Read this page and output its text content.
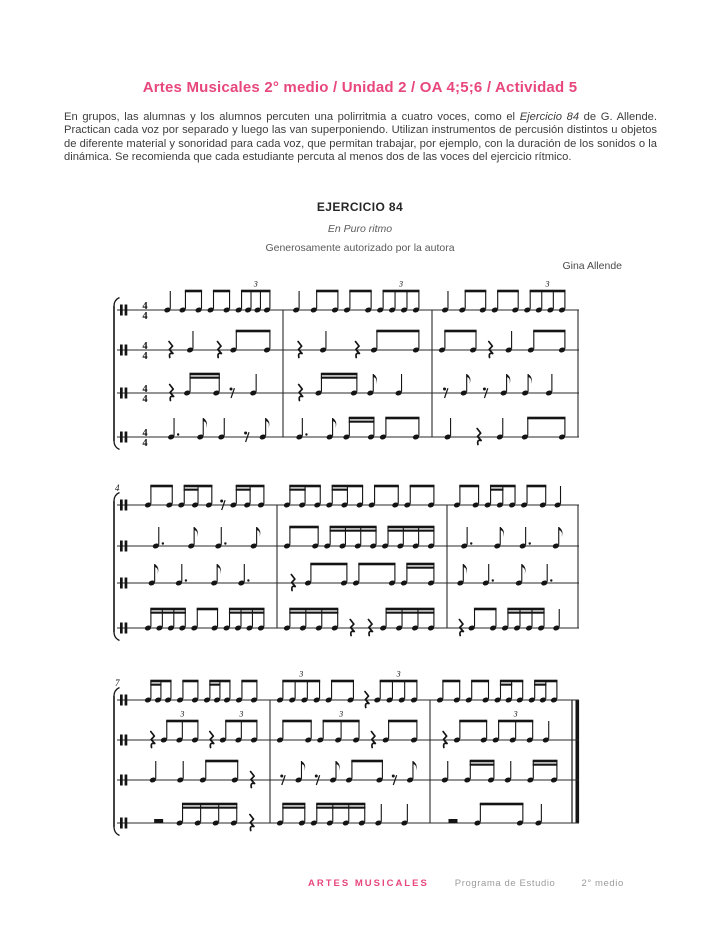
Artes Musicales 2° medio / Unidad 2 / OA 4;5;6 / Actividad 5
En grupos, las alumnas y los alumnos percuten una polirritmia a cuatro voces, como el Ejercicio 84 de G. Allende. Practican cada voz por separado y luego las van superponiendo. Utilizan instrumentos de percusión distintos u objetos de diferente material y sonoridad para cada voz, que permitan trabajar, por ejemplo, con la duración de los sonidos o la dinámica. Se recomienda que cada estudiante percuta al menos dos de las voces del ejercicio rítmico.
EJERCICIO 84
En Puro ritmo
Generosamente autorizado por la autora
Gina Allende
4
4
3	3	3
4
4
4
4
4
4
4
7
3	3
3	3	3	3
ARTES MUSICALES	Programa de Estudio	2° medio
